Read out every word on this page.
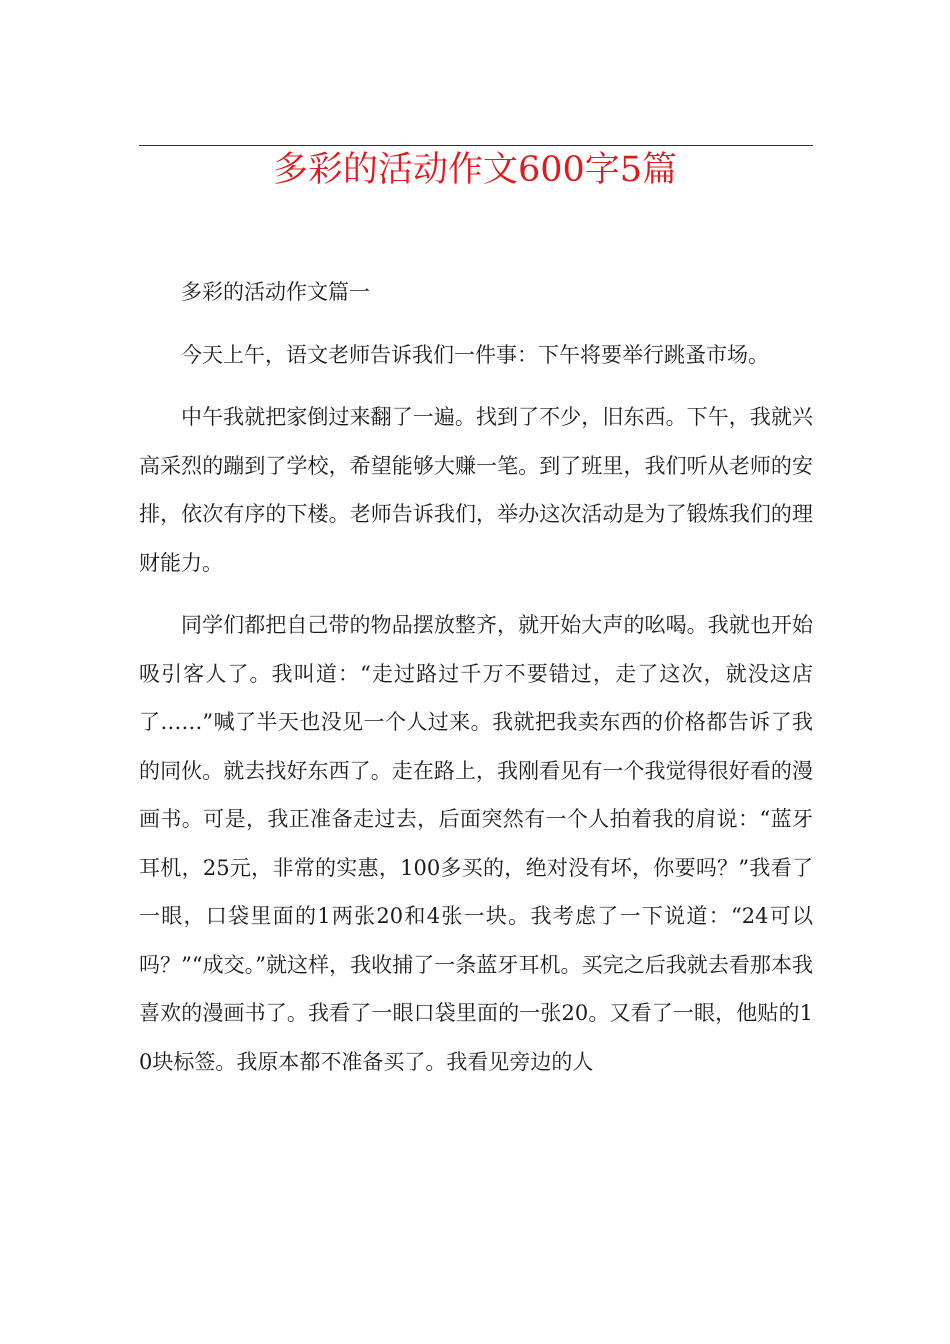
多彩的活动作文600字5篇

多彩的活动作文篇一

今天上午，语文老师告诉我们一件事：下午将要举行跳蚤市场。

中午我就把家倒过来翻了一遍。找到了不少，旧东西。下午，我就兴高采烈的蹦到了学校，希望能够大赚一笔。到了班里，我们听从老师的安排，依次有序的下楼。老师告诉我们，举办这次活动是为了锻炼我们的理财能力。

同学们都把自己带的物品摆放整齐，就开始大声的吆喝。我就也开始吸引客人了。我叫道：“走过路过千万不要错过，走了这次，就没这店了……”喊了半天也没见一个人过来。我就把我卖东西的价格都告诉了我的同伙。就去找好东西了。走在路上，我刚看见有一个我觉得很好看的漫画书。可是，我正准备走过去，后面突然有一个人拍着我的肩说：“蓝牙耳机，25元，非常的实惠，100多买的，绝对没有坏，你要吗？”我看了一眼，口袋里面的1两张20和4张一块。我考虑了一下说道：“24可以吗？”“成交。”就这样，我收捕了一条蓝牙耳机。买完之后我就去看那本我喜欢的漫画书了。我看了一眼口袋里面的一张20。又看了一眼，他贴的10块标签。我原本都不准备买了。我看见旁边的人
